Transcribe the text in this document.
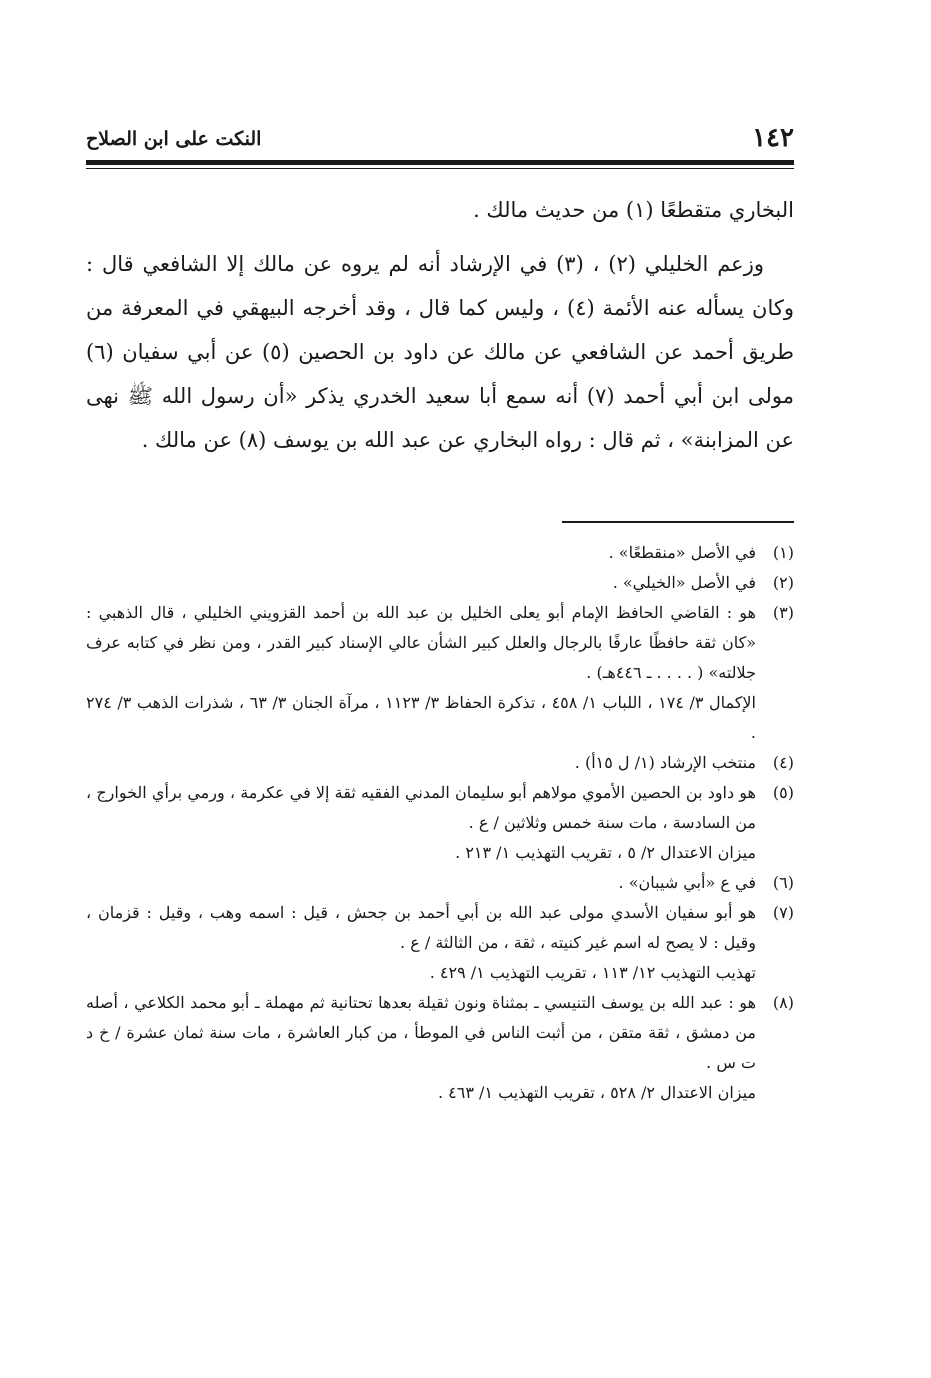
١٤٢
النكت على ابن الصلاح

البخاري متقطعًا (١) من حديث مالك .

وزعم الخليلي (٢) ، (٣) في الإرشاد أنه لم يروه عن مالك إلا الشافعي قال : وكان يسأله عنه الأئمة (٤) ، وليس كما قال ، وقد أخرجه البيهقي في المعرفة من طريق أحمد عن الشافعي عن مالك عن داود بن الحصين (٥) عن أبي سفيان (٦) مولى ابن أبي أحمد (٧) أنه سمع أبا سعيد الخدري يذكر «أن رسول الله ﷺ نهى عن المزابنة» ، ثم قال : رواه البخاري عن عبد الله بن يوسف (٨) عن مالك .

(١)
في الأصل «منقطعًا» .
(٢)
في الأصل «الخيلي» .
(٣)
هو : القاضي الحافظ الإمام أبو يعلى الخليل بن عبد الله بن أحمد القزويني الخليلي ، قال الذهبي : «كان ثقة حافظًا عارفًا بالرجال والعلل كبير الشأن عالي الإسناد كبير القدر ، ومن نظر في كتابه عرف جلالته» ( . . . . ـ ٤٤٦هـ) .
الإكمال ٣/ ١٧٤ ، اللباب ١/ ٤٥٨ ، تذكرة الحفاظ ٣/ ١١٢٣ ، مرآة الجنان ٣/ ٦٣ ، شذرات الذهب ٣/ ٢٧٤ .
(٤)
منتخب الإرشاد (١/ ل ١٥أ) .
(٥)
هو داود بن الحصين الأموي مولاهم أبو سليمان المدني الفقيه ثقة إلا في عكرمة ، ورمي برأي الخوارج ، من السادسة ، مات سنة خمس وثلاثين / ع .
ميزان الاعتدال ٢/ ٥ ، تقريب التهذيب ١/ ٢١٣ .
(٦)
في ع «أبي شيبان» .
(٧)
هو أبو سفيان الأسدي مولى عبد الله بن أبي أحمد بن جحش ، قيل : اسمه وهب ، وقيل : قزمان ، وقيل : لا يصح له اسم غير كنيته ، ثقة ، من الثالثة / ع .
تهذيب التهذيب ١٢/ ١١٣ ، تقريب التهذيب ١/ ٤٢٩ .
(٨)
هو : عبد الله بن يوسف التنيسي ـ بمثناة ونون ثقيلة بعدها تحتانية ثم مهملة ـ أبو محمد الكلاعي ، أصله من دمشق ، ثقة متقن ، من أثبت الناس في الموطأ ، من كبار العاشرة ، مات سنة ثمان عشرة / خ د ت س .
ميزان الاعتدال ٢/ ٥٢٨ ، تقريب التهذيب ١/ ٤٦٣ .
